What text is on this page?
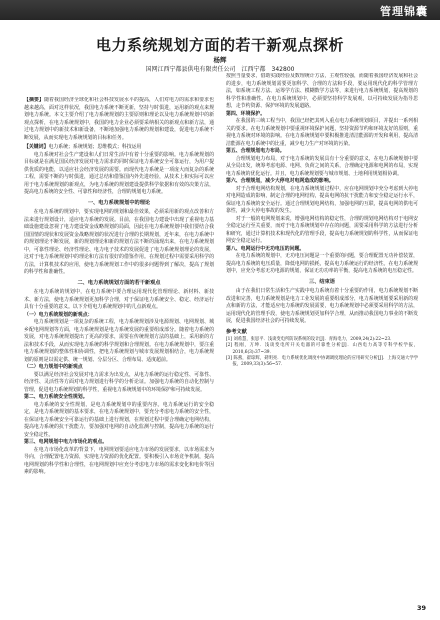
管理锦囊
电力系统规划方面的若干新观点探析
杨辉
国网江西宁都县供电有限责任公司　江西宁都　342800

【摘要】随着我国经济全球化和社会科技发展水平的提高，人们对电力的需求和要求也越来越高，面对这样状况，我国电力系统不断更新，坚持与时俱进，运用新的观点来规划电力系统。本文主要介绍了电力系统规划的主要原则和理论以及电力系统规划中的新观点探析，在电力系统规划中，我国的电力企业必须要采纳相关的新观点和新方法，通过电力规划中的新技术和新设备，不断地加强电力系统的规划和建设，促进电力系统不断发展，从而实现电力系统规划的目标和任务。

【关键词】电力系统；系统规划；思维模式；科技运用

电力系统对社会生产建设和人们日常生活中有着十分重要的影响。电力系统规划的目标就是在满足国民经济发展对电力需求的同时保证电力系统安全可靠运行，为用户提供优质的电能，以适应社会经济发展的需要。而现代电力系统是一项庞大而复杂的系统工程，需要不断的与时俱进，通过总结和借鉴国内外先进经验，从技术上和实际可以应用于电力系统规划的新观点，为电力系统的规划建设提供科学依据和有效的决策方法，提高电力系统的安全性、可靠性和经济性，合理的规划电力系统。

一、电力系统规划中的理论

在电力系统的规划中，要实现电网的规划和最佳效果，必须采用新的观点改善和方法来进行规划设计，适应电力系统的发展。目前，在我国电力建设中出现了重视电力基础设施建设忽视了电力建设资金成略规划的局面，因此在电力系统规划中我们要结合我国国情的现状和发展资金战略规划的状况进行合理的长期规划，近年来，在电力系统中的规划理论不断发展，新的规划理论和新的规划方法不断的涌现出来，在电力系统规划中，可靠性理论、经济性理论、电力电子技术的发展促进了电力系统规划理论的发展，这对于电力系统规划中的理论和方法有很好的借鉴作用。在规划过程中需要采用科学的方法，计算机技术的应用，使电力系统规划工作中的很多问题得到了解决，提高了规划的科学性和准确性。

二、电力系统规划方面的若干新观点

在电力系统的规划中，在电力系统中要合理运用现代化管理理论、新材料、新技术、新方法，使电力系统规划更加科学合理，对于保证电力系统安全、稳定、经济运行具有十分重要的意义。以下介绍电力系统规划中的几点新观点。

（一）电力系统规划的新观点：

电力系统规划是一项复杂的系统工程，电力系统规划涉及电源规划、电网规划、城乡配电网规划等方面，电力系统规划是电力系统发展的重要组成部分。随着电力系统的发展，对电力系统规划提出了更高的要求，需要在传统规划方法的基础上，采用新的方法和技术手段，从而实现电力系统的科学规划和合理规划。在电力系统规划中，要注重电力系统规划的整体性和协调性，把电力系统规划与城市发展规划相结合，电力系统规划的原则是以需定供、统一规划、分层分区、合理布局、适度超前。

（二）电力规划中的新观点

要以满足经济社会发展对电力需求为出发点，从电力系统的运行稳定性、可靠性、经济性、灵活性等方面对电力规划进行科学的分析论证。加强电力系统的自动化控制与管理，促进电力系统规划的科学性，重视电力系统规划中的环境保护和可持续发展。

第二、电力系统安全性规划。

电力系统的安全性规划，是电力系统规划中的重要内容。电力系统运行的安全稳定，是电力系统规划的基本要求，在电力系统规划中，要充分考虑电力系统的安全性，在保证电力系统安全可靠运行的基础上进行规划，在规划过程中要合理确定电网结构，提高电力系统的抗干扰能力，要加强对电网的自动化监测与控制，提高电力系统的运行安全稳定性。

第三、电网规划中电力市场化的观点。

在电力市场化改革的背景下，电网规划要适应电力市场的发展要求，以市场需求为导向，合理配置电力资源，实现电力资源的优化配置。要积极引入市场竞争机制，提高电网规划的科学性和合理性，在电网规划中应充分考虑电力市场的需求变化和电价等因素的影响。

按照当量要求，借助实践经验及数理统计方法，主观性较强，而随着我国经济发展和社会的进步，电力系统规划需要更加科学、合理的方法和手段，要运用现代化的科学管理方法，如系统工程方法、运筹学方法、模糊数学方法等，来进行电力系统规划，提高规划的科学性和准确性。在电力系统规划中，必须要坚持科学发展观，以可持续发展为指导思想，走节约资源、保护环境的发展道路。

第四、环境保护。

在我国的三峡工程当中，我国已经把其列入重点电力系统规划项目，并提出一系列相关的要求。在电力系统规划中要重视环境保护问题，坚持资源节约和环境友好的原则，重视电力系统对环境的影响。在电力系统规划中要积极推进清洁能源的开发和利用，提高清洁能源在电力系统中的比重，减少电力生产对环境的污染。

第五、合理规划电力布局。

合理规划电力布局，对于电力系统的发展具有十分重要的意义，在电力系统规划中要从全局出发，统筹考虑电源、电网、负荷之间的关系，合理确定电源和电网的布局，实现电力系统的优化运行。并且，电力系统规划要与城市规划、土地利用规划相协调。

第六、合理规划，减少大停电对电网造成的影响。

对于合理电网结构规划，在电力系统规划过程中，应在电网规划中充分考虑到大停电对电网造成的影响，制定合理的电网结构，提高电网的抗干扰能力和安全稳定运行水平，保证电力系统的安全运行。通过合理规划电网结构，加强电网的互联，提高电网的供电可靠性，减少大停电事故的发生。

对于一般的电网规划来说，增强电网结构的稳定性，合理的规划电网结构对于电网安全稳定运行至关重要，而对于电力系统规划中存在的问题，需要采用科学的方法进行分析和研究，通过计算机技术和现代化的管理手段，提高电力系统规划的科学性，从而保证电网安全稳定运行。

第八、电网运行中无功电压的问题。

在电力系统的规划中，无功电压问题是一个重要的问题，要合理配置无功补偿装置，提高电力系统的电压质量，降低电网的损耗，提高电力系统运行的经济性。在电力系统规划中，应充分考虑无功电源的规划，保证无功功率的平衡，提高电力系统的电压稳定性。

三、结束语

由于在我们日常生活和生产实践中电力系统有着十分重要的作用，电力系统规划不断改进和完善，电力系统规划是电力工业发展的重要组成部分，电力系统规划要采用新的观点和新的方法，才能适应电力系统的发展需要，电力系统规划中必须要采用科学的方法，运用现代化的管理手段，使电力系统规划更加科学合理，从而推动我国电力事业的不断发展，促进我国经济社会的可持续发展。

参考文献
[1] 刘希慧，张思平．浅谈变电所防误系统的设计[J]．青海电力，2009,24(2):22~23．
[2] 程刚，万坤．浅谈变电所开关电器的可靠性分析[J]．山西电力高等专科学校学报，2010,6(3):37~39．
[3] 陈燕，翟琼辉，聂明亮．电力系统优化调度中协调调度理论的应用研究分析[J]．上海交通大学学报，2009,33(3):56~57．
39
